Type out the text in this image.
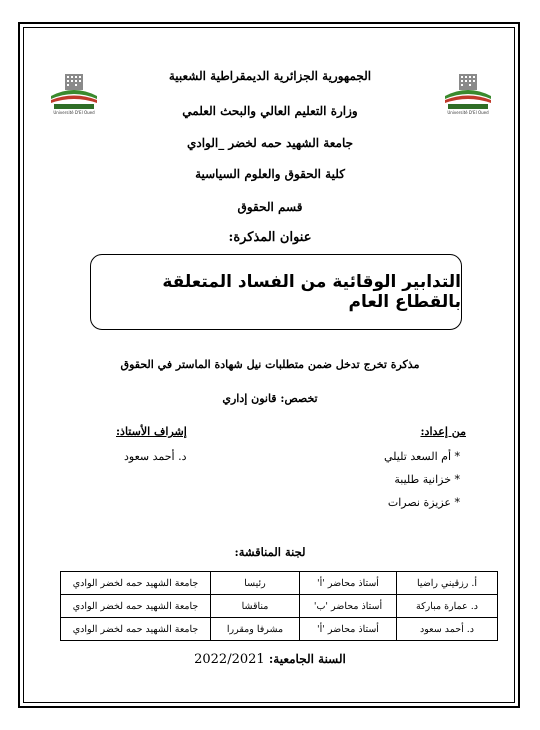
Université D'El Oued	Université D'El Oued
الجمهورية الجزائرية الديمقراطية الشعبية
وزارة التعليم العالي والبحث العلمي
جامعة الشهيد حمه لخضر _الوادي
كلية الحقوق والعلوم السياسية
قسم الحقوق
عنوان المذكرة:
التدابير الوقائية من الفساد المتعلقة بالقطاع العام
مذكرة تخرج تدخل ضمن متطلبات نيل شهادة الماستر في الحقوق
تخصص: قانون إداري
من إعداد:
* أم السعد تليلي
* خزانية طليبة
* عزيزة نصرات
إشراف الأستاذ:
د. أحمد سعود
لجنة المناقشة:
أ. رزقيني راضيا	أستاذ محاضر 'أ'	رئيسا	جامعة الشهيد حمه لخضر الوادي
د. عمارة مباركة	أستاذ محاضر 'ب'	مناقشا	جامعة الشهيد حمه لخضر الوادي
د. أحمد سعود	أستاذ محاضر 'أ'	مشرفا ومقررا	جامعة الشهيد حمه لخضر الوادي
السنة الجامعية: 2022/2021
